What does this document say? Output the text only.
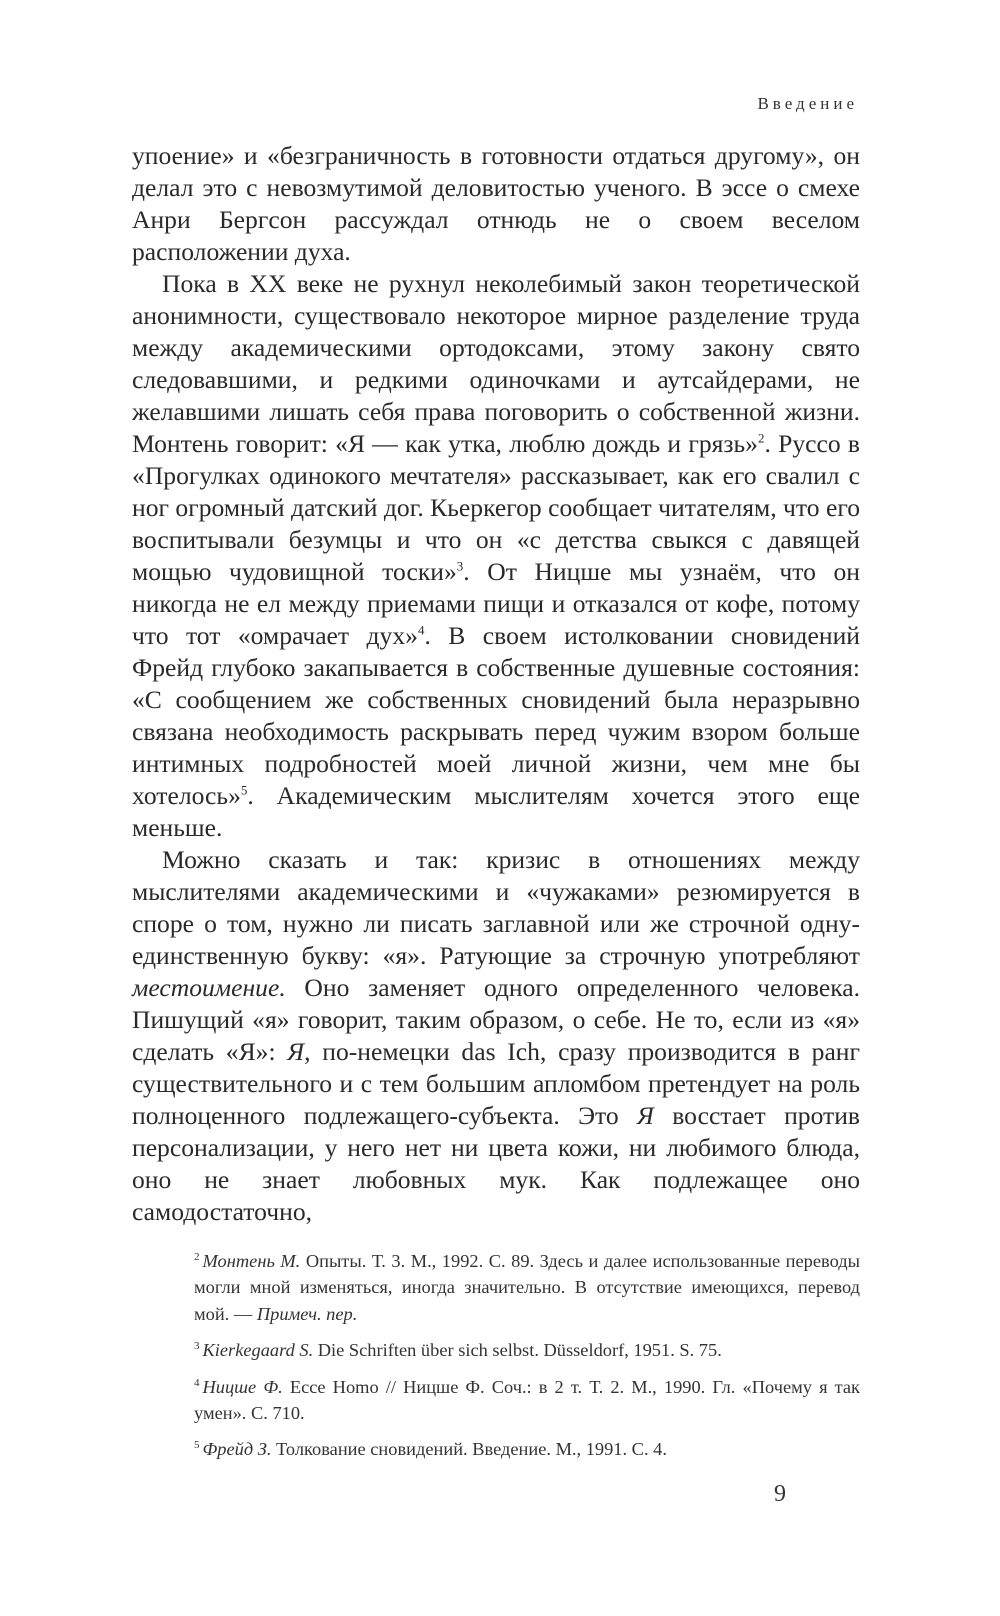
Введение

упоение» и «безграничность в готовности отдаться другому», он делал это с невозмутимой деловитостью ученого. В эссе о смехе Анри Бергсон рассуждал отнюдь не о своем веселом расположении духа.

Пока в XX веке не рухнул неколебимый закон теоретической анонимности, существовало некоторое мирное разделение труда между академическими ортодоксами, этому закону свято следовавшими, и редкими одиночками и аутсайдерами, не желавшими лишать себя права поговорить о собственной жизни. Монтень говорит: «Я — как утка, люблю дождь и грязь»$^2$. Руссо в «Прогулках одинокого мечтателя» рассказывает, как его свалил с ног огромный датский дог. Кьеркегор сообщает читателям, что его воспитывали безумцы и что он «с детства свыкся с давящей мощью чудовищной тоски»$^3$. От Ницше мы узнаём, что он никогда не ел между приемами пищи и отказался от кофе, потому что тот «омрачает дух»$^4$. В своем истолковании сновидений Фрейд глубоко закапывается в собственные душевные состояния: «С сообщением же собственных сновидений была неразрывно связана необходимость раскрывать перед чужим взором больше интимных подробностей моей личной жизни, чем мне бы хотелось»$^5$. Академическим мыслителям хочется этого еще меньше.

Можно сказать и так: кризис в отношениях между мыслителями академическими и «чужаками» резюмируется в споре о том, нужно ли писать заглавной или же строчной одну-единственную букву: «я». Ратующие за строчную употребляют местоимение. Оно заменяет одного определенного человека. Пишущий «я» говорит, таким образом, о себе. Не то, если из «я» сделать «Я»: Я, по-немецки das Ich, сразу производится в ранг существительного и с тем большим апломбом претендует на роль полноценного подлежащего-субъекта. Это Я восстает против персонализации, у него нет ни цвета кожи, ни любимого блюда, оно не знает любовных мук. Как подлежащее оно самодостаточно,

$^2$ Монтень М. Опыты. Т. 3. М., 1992. С. 89. Здесь и далее использованные переводы могли мной изменяться, иногда значительно. В отсутствие имеющихся, перевод мой. — Примеч. пер.

$^3$ Kierkegaard S. Die Schriften über sich selbst. Düsseldorf, 1951. S. 75.

$^4$ Ницше Ф. Ecce Homo // Ницше Ф. Соч.: в 2 т. Т. 2. М., 1990. Гл. «Почему я так умен». С. 710.

$^5$ Фрейд З. Толкование сновидений. Введение. М., 1991. С. 4.

9
